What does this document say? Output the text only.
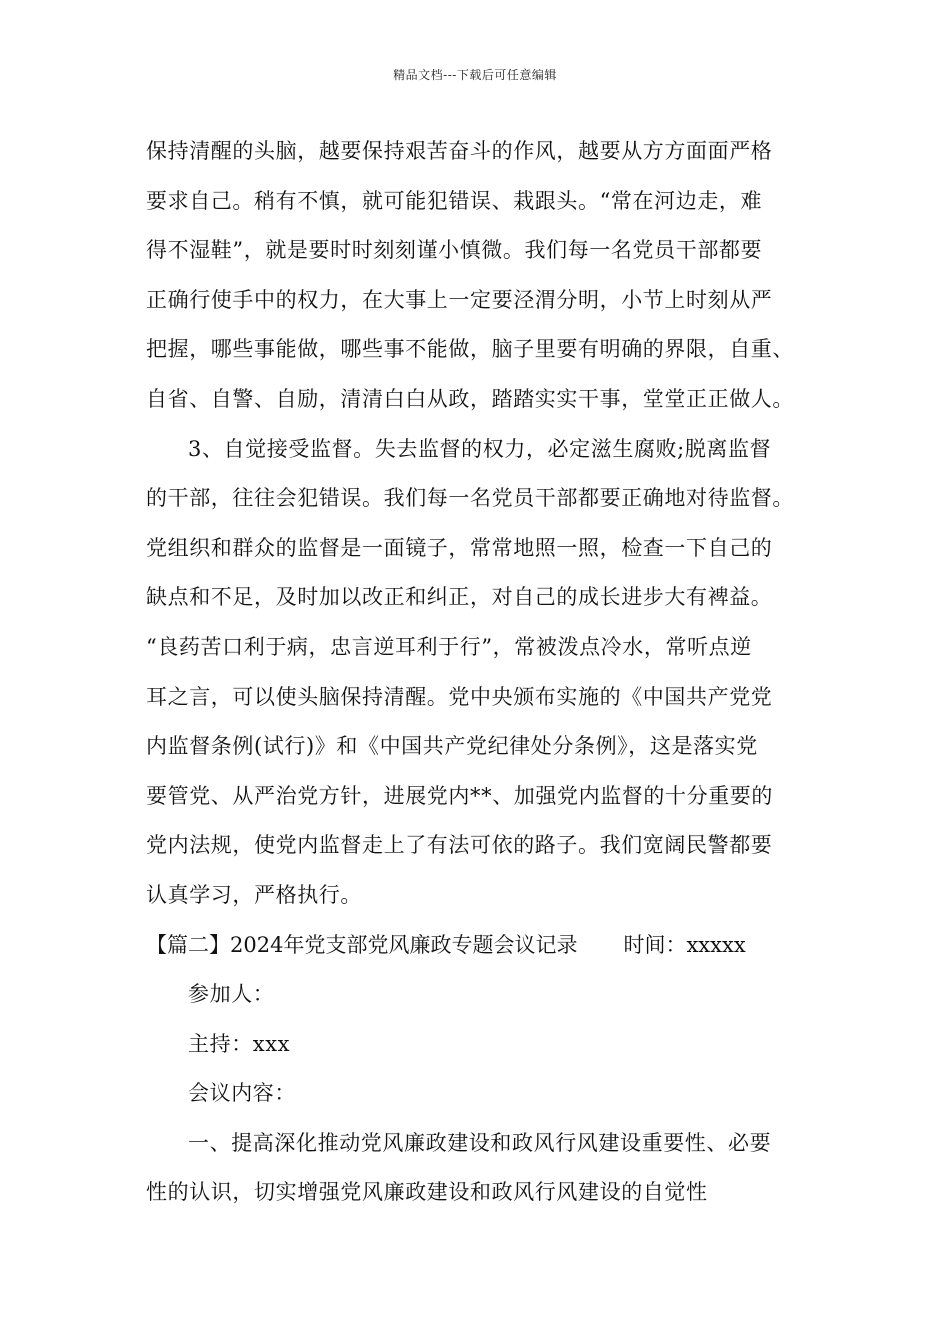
精品文档---下载后可任意编辑
保持清醒的头脑，越要保持艰苦奋斗的作风，越要从方方面面严格
要求自己。稍有不慎，就可能犯错误、栽跟头。“常在河边走，难
得不湿鞋”，就是要时时刻刻谨小慎微。我们每一名党员干部都要
正确行使手中的权力，在大事上一定要泾渭分明，小节上时刻从严
把握，哪些事能做，哪些事不能做，脑子里要有明确的界限，自重、
自省、自警、自励，清清白白从政，踏踏实实干事，堂堂正正做人。
3、自觉接受监督。失去监督的权力，必定滋生腐败;脱离监督
的干部，往往会犯错误。我们每一名党员干部都要正确地对待监督。
党组织和群众的监督是一面镜子，常常地照一照，检查一下自己的
缺点和不足，及时加以改正和纠正，对自己的成长进步大有裨益。
“良药苦口利于病，忠言逆耳利于行”，常被泼点冷水，常听点逆
耳之言，可以使头脑保持清醒。党中央颁布实施的《中国共产党党
内监督条例(试行)》和《中国共产党纪律处分条例》，这是落实党
要管党、从严治党方针，进展党内**、加强党内监督的十分重要的
党内法规，使党内监督走上了有法可依的路子。我们宽阔民警都要
认真学习，严格执行。
【篇二】2024年党支部党风廉政专题会议记录 时间：xxxxx
参加人：
主持：xxx
会议内容：
一、提高深化推动党风廉政建设和政风行风建设重要性、必要
性的认识，切实增强党风廉政建设和政风行风建设的自觉性
